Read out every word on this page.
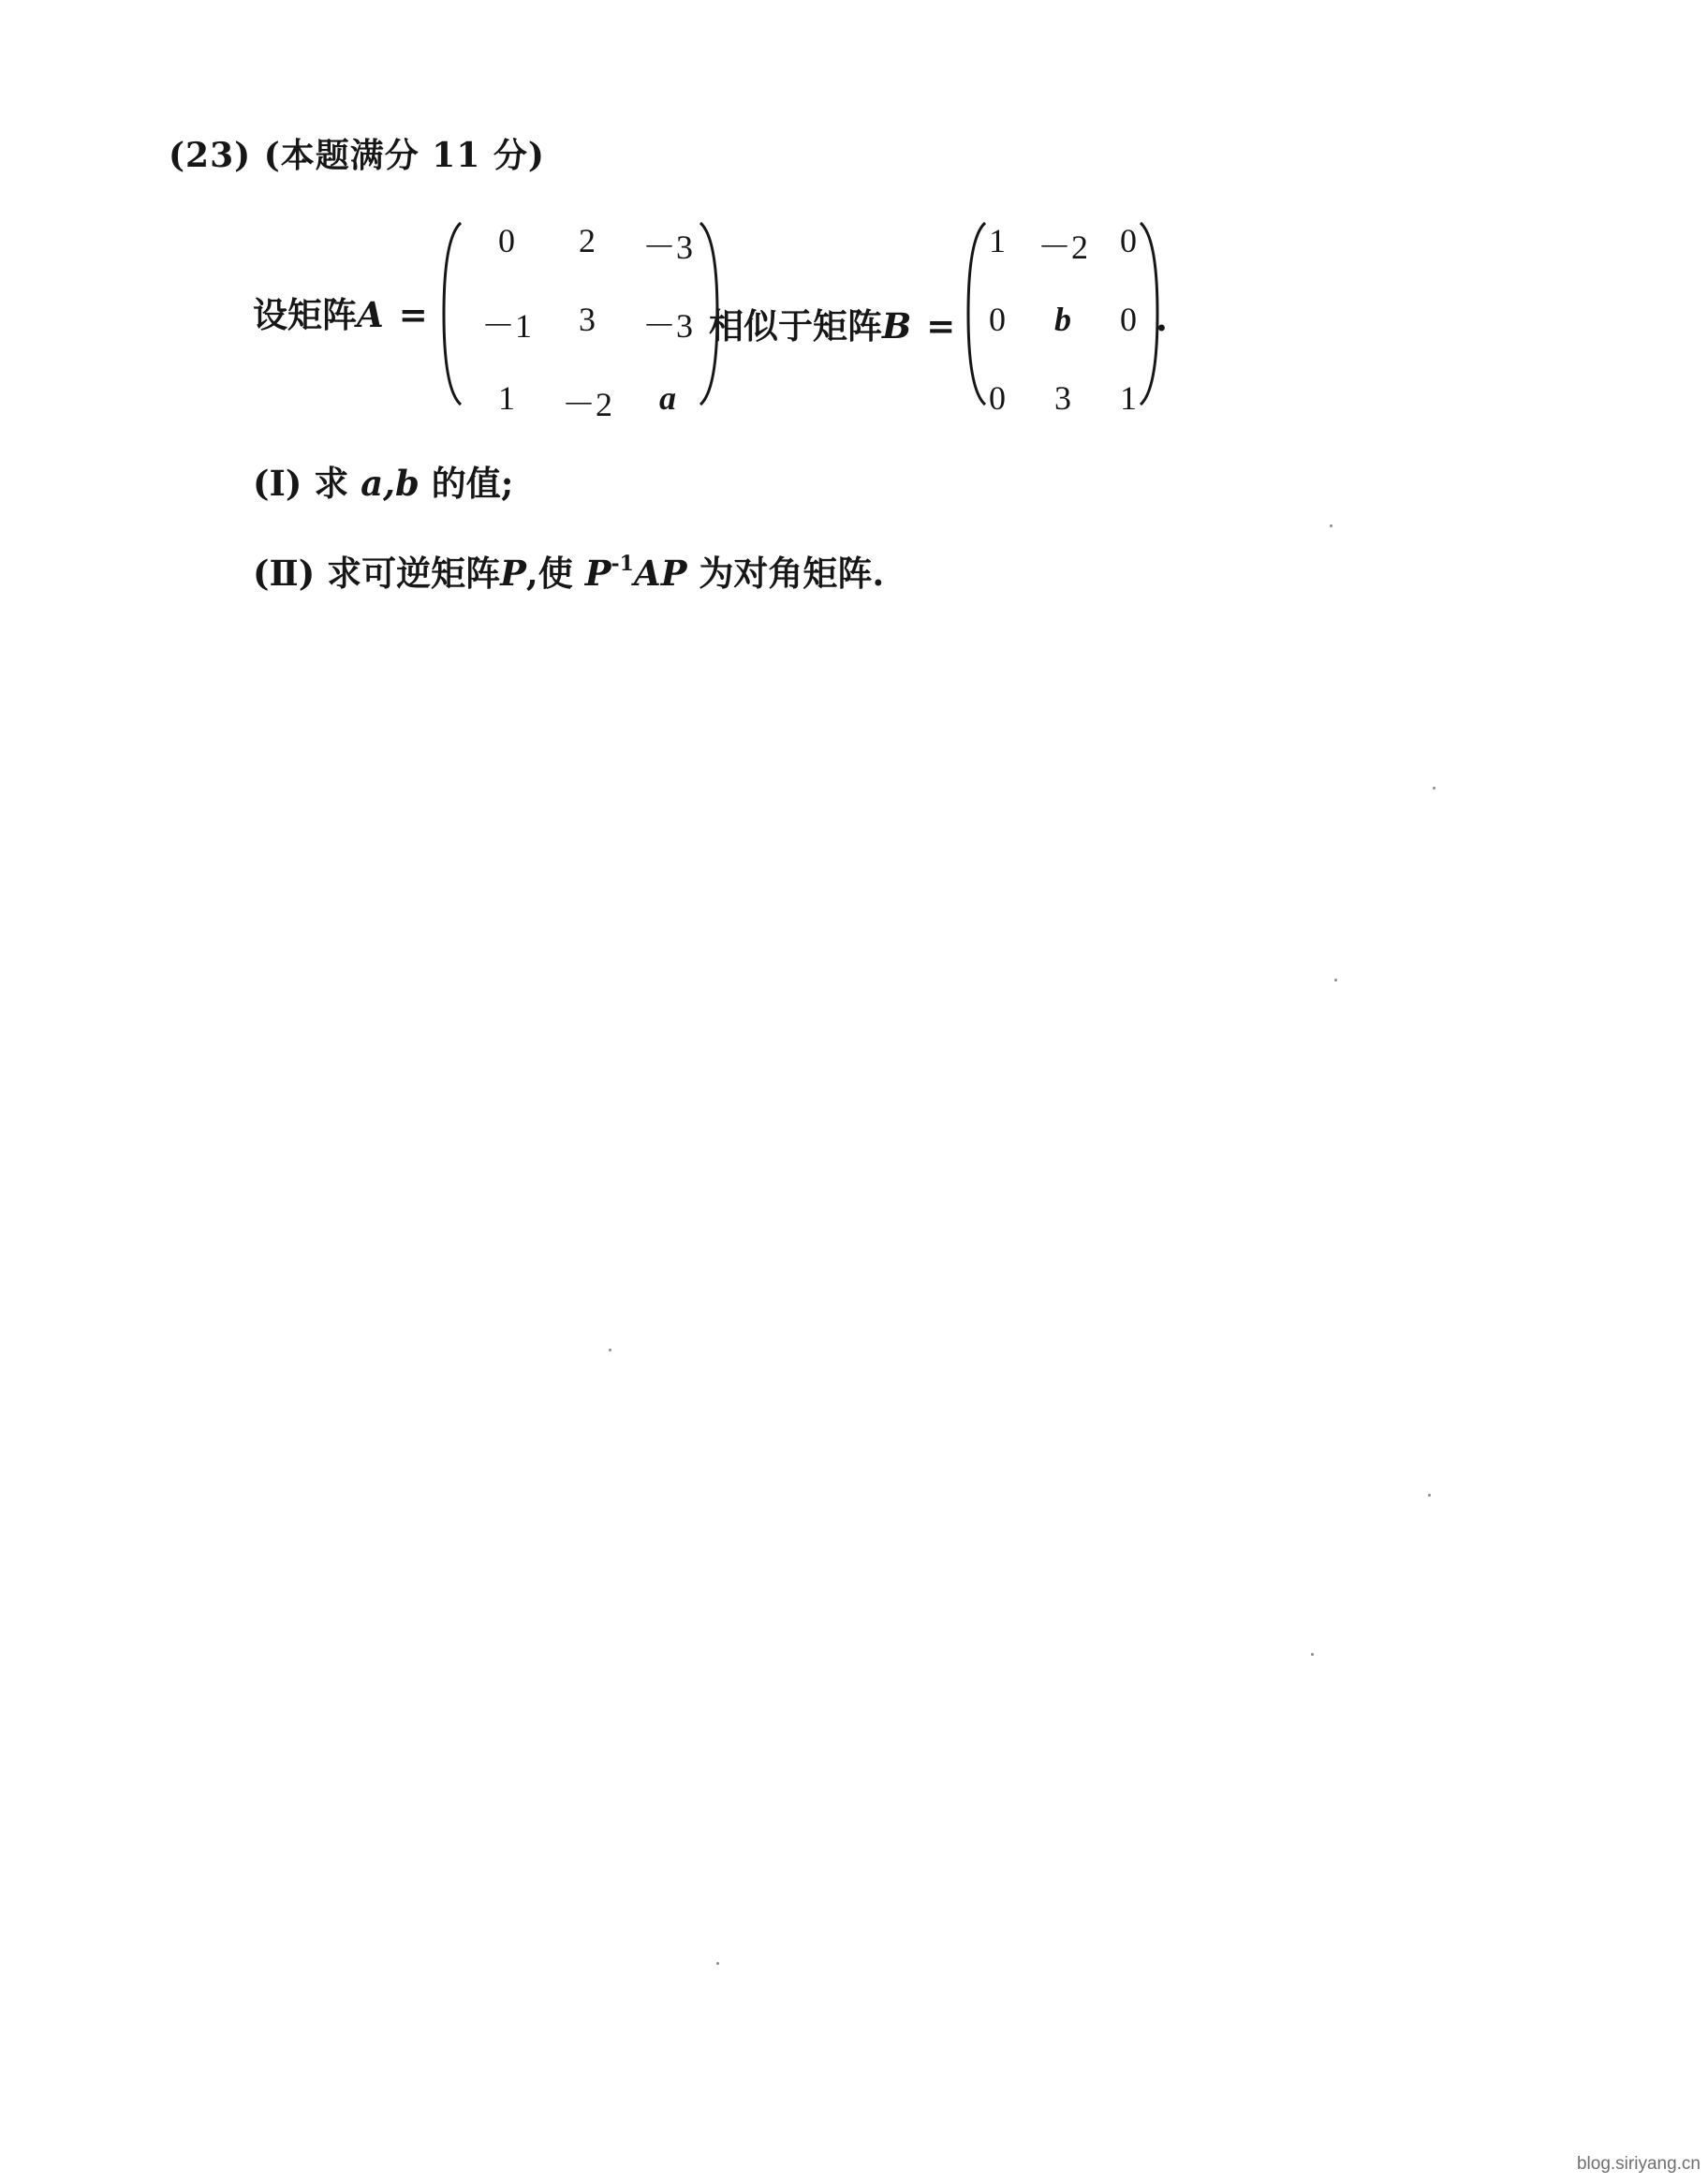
(23) (本题满分 11 分)
设矩阵A =
0	2	－3
－1	3	－3
1	－2	a
相似于矩阵B =
1 －2 0
0	b	0
0	3	1
.
(Ⅰ) 求 a,b 的值;
(Ⅱ) 求可逆矩阵P,使 $P^{-1}AP$ 为对角矩阵.
blog.siriyang.cn
